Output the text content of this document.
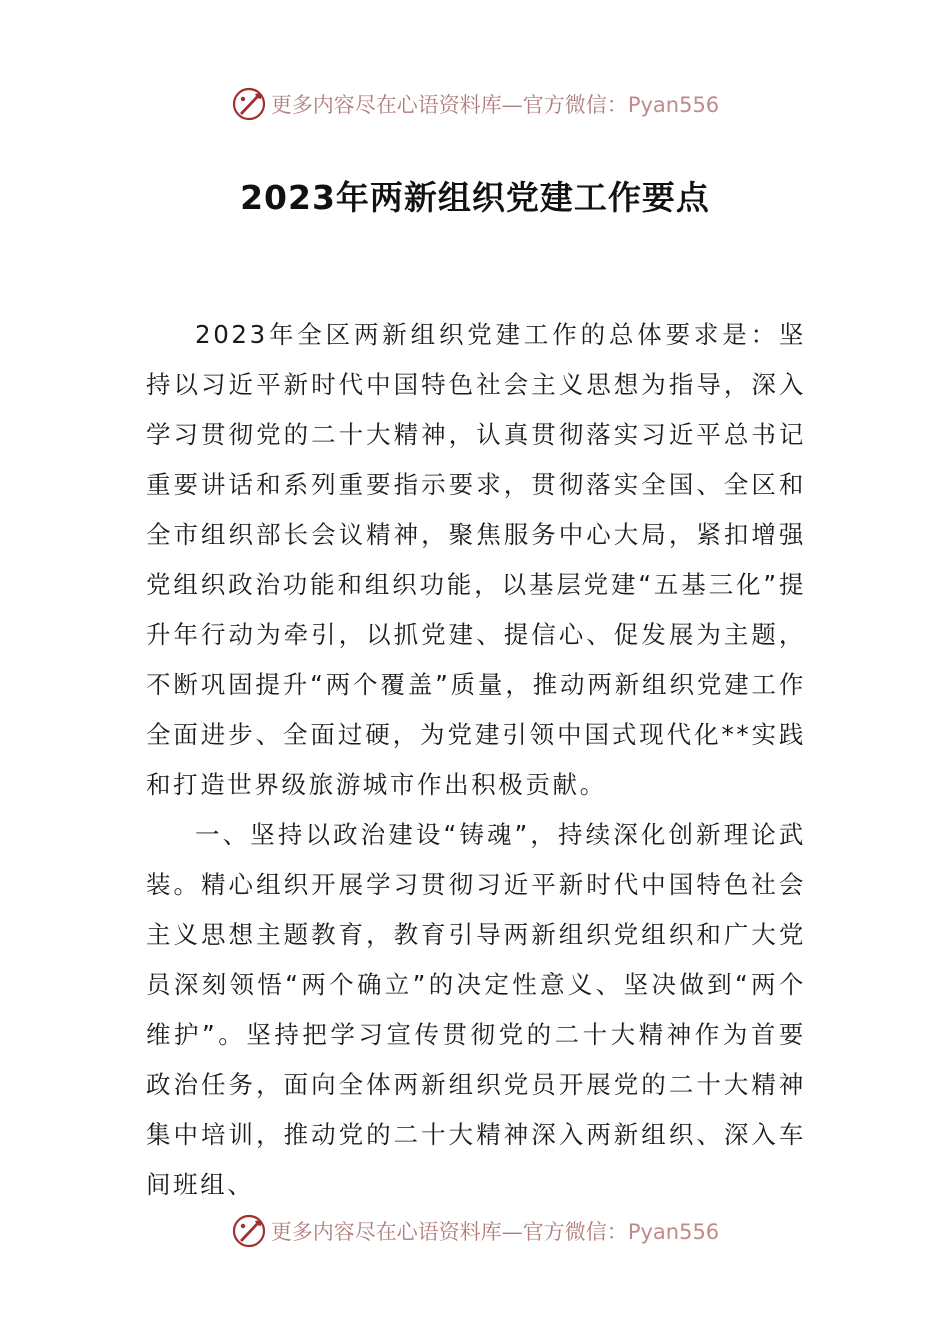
更多内容尽在心语资料库—官方微信：Pyan556
2023年两新组织党建工作要点

2023年全区两新组织党建工作的总体要求是：坚持以习近平新时代中国特色社会主义思想为指导，深入学习贯彻党的二十大精神，认真贯彻落实习近平总书记重要讲话和系列重要指示要求，贯彻落实全国、全区和全市组织部长会议精神，聚焦服务中心大局，紧扣增强党组织政治功能和组织功能，以基层党建“五基三化”提升年行动为牵引，以抓党建、提信心、促发展为主题，不断巩固提升“两个覆盖”质量，推动两新组织党建工作全面进步、全面过硬，为党建引领中国式现代化**实践和打造世界级旅游城市作出积极贡献。

一、坚持以政治建设“铸魂”，持续深化创新理论武装。精心组织开展学习贯彻习近平新时代中国特色社会主义思想主题教育，教育引导两新组织党组织和广大党员深刻领悟“两个确立”的决定性意义、坚决做到“两个维护”。坚持把学习宣传贯彻党的二十大精神作为首要政治任务，面向全体两新组织党员开展党的二十大精神集中培训，推动党的二十大精神深入两新组织、深入车间班组、

更多内容尽在心语资料库—官方微信：Pyan556
